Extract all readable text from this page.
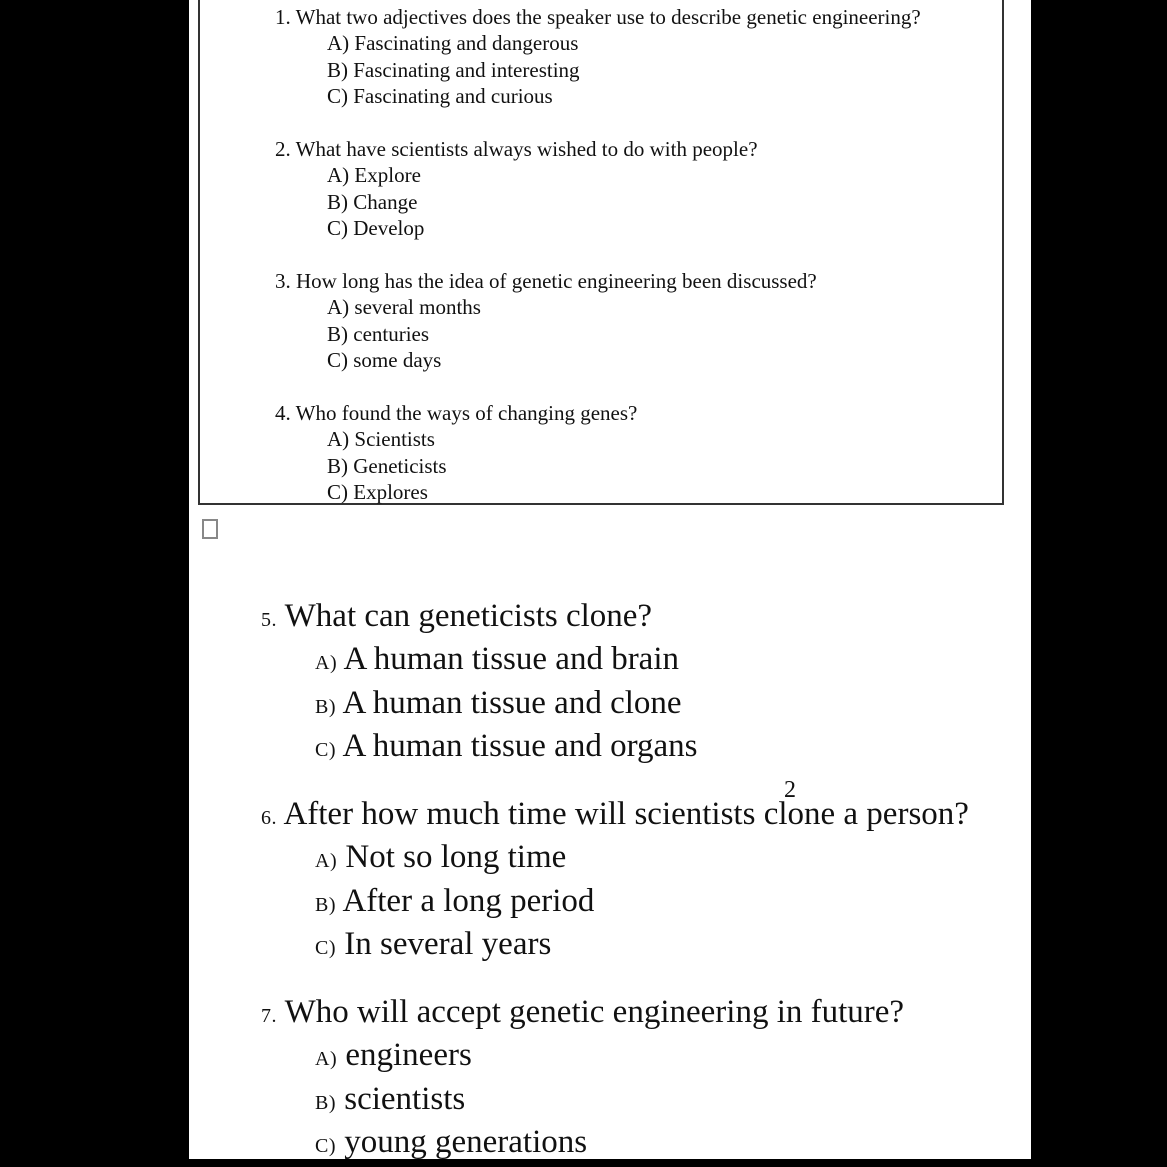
1. What two adjectives does the speaker use to describe genetic engineering?
A) Fascinating and dangerous
B) Fascinating and interesting
C) Fascinating and curious
2. What have scientists always wished to do with people?
A) Explore
B) Change
C) Develop
3. How long has the idea of genetic engineering been discussed?
A) several months
B) centuries
C) some days
4. Who found the ways of changing genes?
A) Scientists
B) Geneticists
C) Explores
5. What can geneticists clone?
A) A human tissue and brain
B) A human tissue and clone
C) A human tissue and organs
6. After how much time will scientists clone a person?
A) Not so long time
B) After a long period
C) In several years
2
7. Who will accept genetic engineering in future?
A) engineers
B) scientists
C) young generations
